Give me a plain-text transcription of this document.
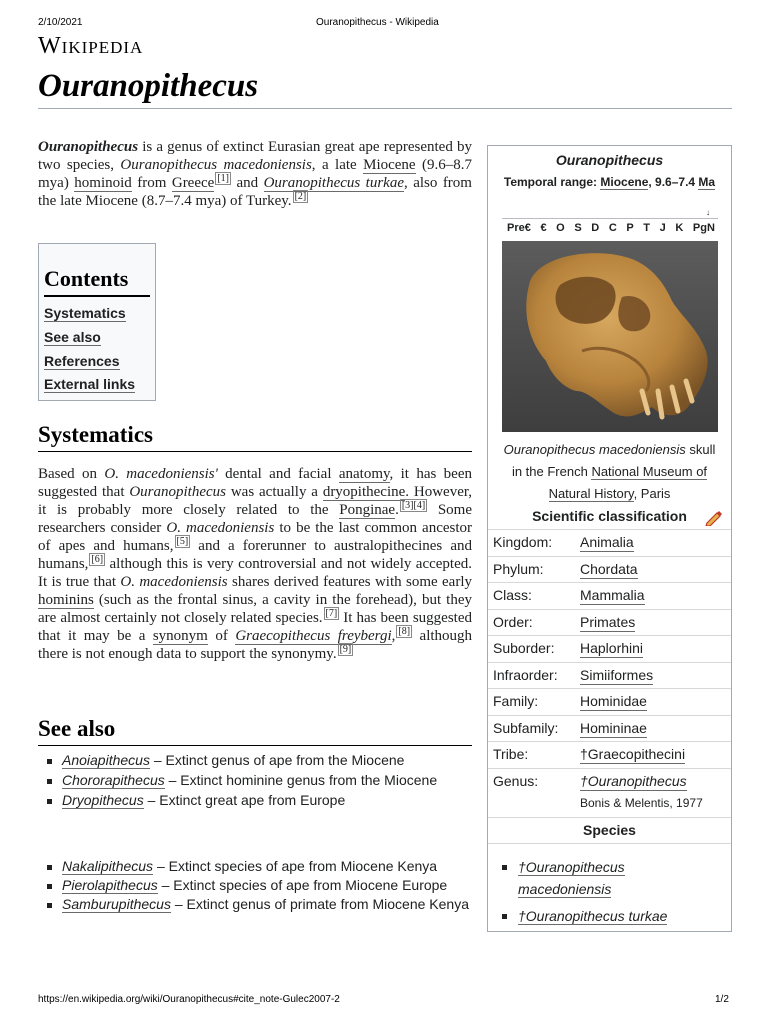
2/10/2021	Ouranopithecus - Wikipedia
Wikipedia
Ouranopithecus
Ouranopithecus is a genus of extinct Eurasian great ape represented by two species, Ouranopithecus macedoniensis, a late Miocene (9.6–8.7 mya) hominoid from Greece [1] and Ouranopithecus turkae, also from the late Miocene (8.7–7.4 mya) of Turkey. [2]
Contents
Systematics
See also
References
External links
Systematics
Based on O. macedoniensis' dental and facial anatomy, it has been suggested that Ouranopithecus was actually a dryopithecine. However, it is probably more closely related to the Ponginae. [3][4] Some researchers consider O. macedoniensis to be the last common ancestor of apes and humans, [5] and a forerunner to australopithecines and humans, [6] although this is very controversial and not widely accepted. It is true that O. macedoniensis shares derived features with some early hominins (such as the frontal sinus, a cavity in the forehead), but they are almost certainly not closely related species. [7] It has been suggested that it may be a synonym of Graecopithecus freybergi, [8] although there is not enough data to support the synonymy. [9]
See also
Anoiapithecus – Extinct genus of ape from the Miocene
Chororapithecus – Extinct hominine genus from the Miocene
Dryopithecus – Extinct great ape from Europe
Nakalipithecus – Extinct species of ape from Miocene Kenya
Pierolapithecus – Extinct species of ape from Miocene Europe
Samburupithecus – Extinct genus of primate from Miocene Kenya
Ouranopithecus
Temporal range: Miocene, 9.6–7.4 Ma
↓
Pre€ € O S D C P T J K PgN
Ouranopithecus macedoniensis skull
in the French National Museum of Natural History, Paris
Scientific classification
Kingdom: Animalia
Phylum:	Chordata
Class:	Mammalia
Order:	Primates
Suborder: Haplorhini
Infraorder: Simiiformes
Family:	Hominidae
Subfamily: Homininae
Tribe:	†Graecopithecini
Genus:	†Ouranopithecus
Bonis & Melentis, 1977
Species
†Ouranopithecus macedoniensis
†Ouranopithecus turkae
https://en.wikipedia.org/wiki/Ouranopithecus#cite_note-Gulec2007-2	1/2
